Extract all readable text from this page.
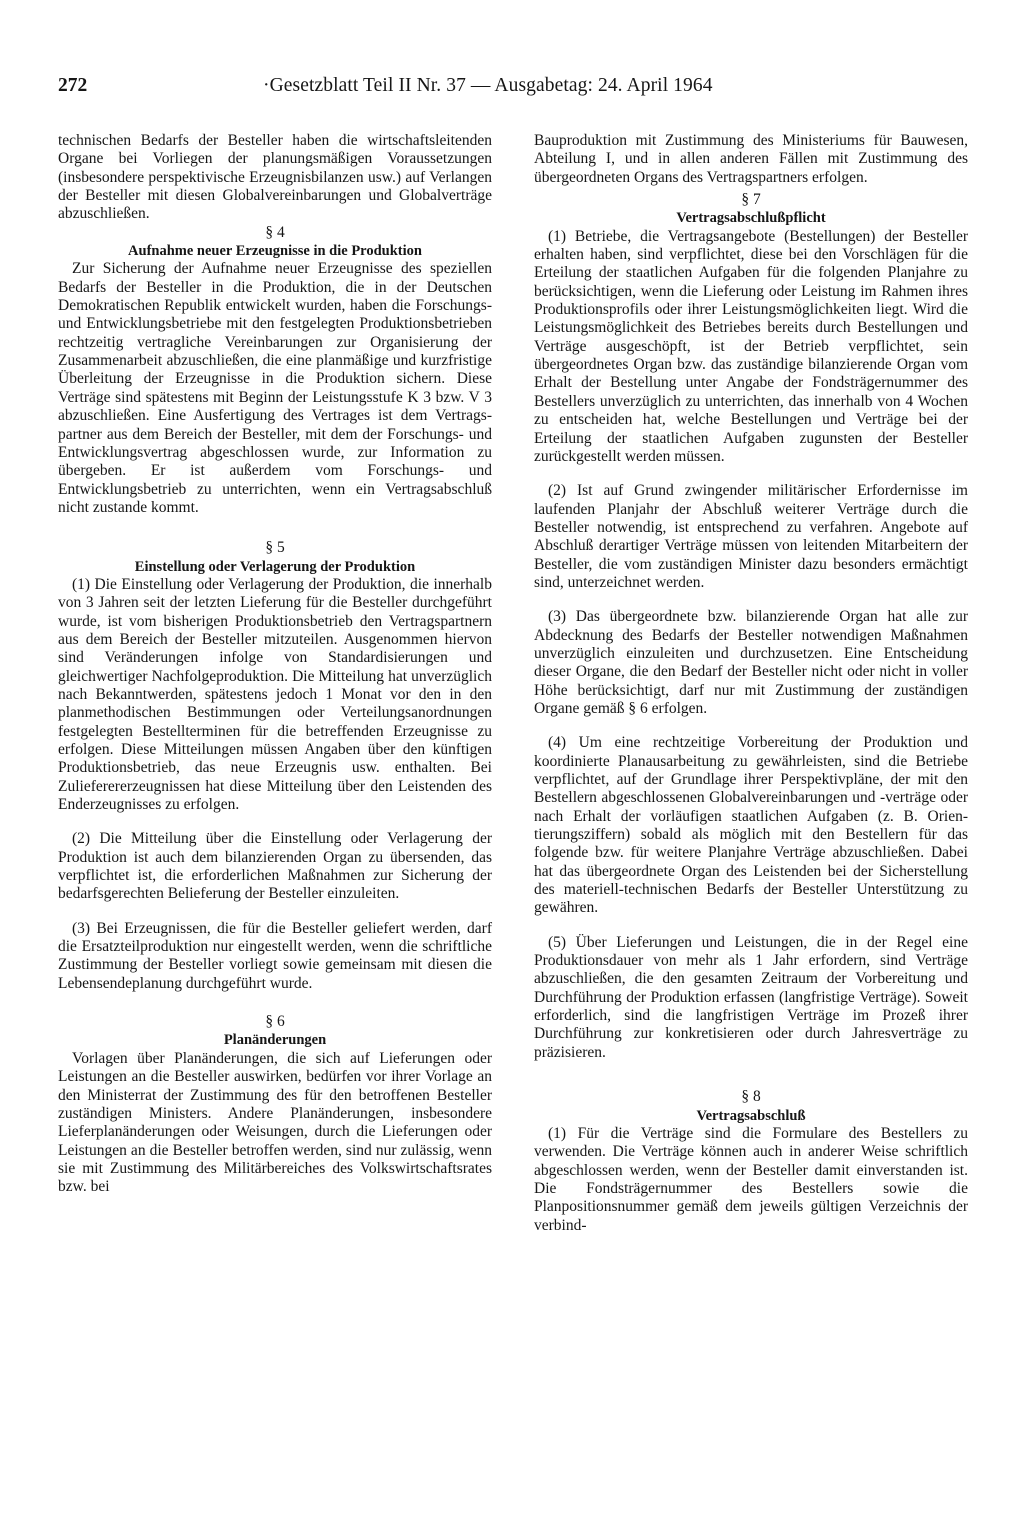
272	·Gesetzblatt Teil II Nr. 37 — Ausgabetag: 24. April 1964

technischen Bedarfs der Besteller haben die wirtschaftsleitenden Organe bei Vorliegen der planungsmäßigen Voraussetzungen (insbesondere perspektivische Erzeugnisbilanzen usw.) auf Verlangen der Besteller mit diesen Globalvereinbarungen und Globalverträge abzuschließen.

§ 4

Aufnahme neuer Erzeugnisse in die Produktion

Zur Sicherung der Aufnahme neuer Erzeugnisse des speziellen Bedarfs der Besteller in die Produktion, die in der Deutschen Demokratischen Republik entwickelt wurden, haben die Forschungs- und Entwicklungsbetriebe mit den festgelegten Produktionsbetrieben rechtzeitig vertragliche Vereinbarungen zur Organisierung der Zusammenarbeit abzuschließen, die eine planmäßige und kurzfristige Überleitung der Erzeugnisse in die Produktion sichern. Diese Verträge sind spätestens mit Beginn der Leistungsstufe K 3 bzw. V 3 abzuschließen. Eine Ausfertigung des Vertrages ist dem Vertragspartner aus dem Bereich der Besteller, mit dem der Forschungs- und Entwicklungsvertrag abgeschlossen wurde, zur Information zu übergeben. Er ist außerdem vom Forschungs- und Entwicklungsbetrieb zu unterrichten, wenn ein Vertragsabschluß nicht zustande kommt.

§ 5

Einstellung oder Verlagerung der Produktion

(1) Die Einstellung oder Verlagerung der Produktion, die innerhalb von 3 Jahren seit der letzten Lieferung für die Besteller durchgeführt wurde, ist vom bisherigen Produktionsbetrieb den Vertragspartnern aus dem Bereich der Besteller mitzuteilen. Ausgenommen hiervon sind Veränderungen infolge von Standardisierungen und gleichwertiger Nachfolgeproduktion. Die Mitteilung hat unverzüglich nach Bekanntwerden, spätestens jedoch 1 Monat vor den in den planmethodischen Bestimmungen oder Verteilungsanordnungen festgelegten Bestellterminen für die betreffenden Erzeugnisse zu erfolgen. Diese Mitteilungen müssen Angaben über den künftigen Produktionsbetrieb, das neue Erzeugnis usw. enthalten. Bei Zulieferererzeugnissen hat diese Mitteilung über den Leistenden des Enderzeugnisses zu erfolgen.

(2) Die Mitteilung über die Einstellung oder Verlagerung der Produktion ist auch dem bilanzierenden Organ zu übersenden, das verpflichtet ist, die erforderlichen Maßnahmen zur Sicherung der bedarfsgerechten Belieferung der Besteller einzuleiten.

(3) Bei Erzeugnissen, die für die Besteller geliefert werden, darf die Ersatzteilproduktion nur eingestellt werden, wenn die schriftliche Zustimmung der Besteller vorliegt sowie gemeinsam mit diesen die Lebensendeplanung durchgeführt wurde.

§ 6

Planänderungen

Vorlagen über Planänderungen, die sich auf Lieferungen oder Leistungen an die Besteller auswirken, bedürfen vor ihrer Vorlage an den Ministerrat der Zustimmung des für den betroffenen Besteller zuständigen Ministers. Andere Planänderungen, insbesondere Lieferplanänderungen oder Weisungen, durch die Lieferungen oder Leistungen an die Besteller betroffen werden, sind nur zulässig, wenn sie mit Zustimmung des Militärbereiches des Volkswirtschaftsrates bzw. bei

Bauproduktion mit Zustimmung des Ministeriums für Bauwesen, Abteilung I, und in allen anderen Fällen mit Zustimmung des übergeordneten Organs des Vertragspartners erfolgen.

§ 7

Vertragsabschlußpflicht

(1) Betriebe, die Vertragsangebote (Bestellungen) der Besteller erhalten haben, sind verpflichtet, diese bei den Vorschlägen für die Erteilung der staatlichen Aufgaben für die folgenden Planjahre zu berücksichtigen, wenn die Lieferung oder Leistung im Rahmen ihres Produktionsprofils oder ihrer Leistungsmöglichkeiten liegt. Wird die Leistungsmöglichkeit des Betriebes bereits durch Bestellungen und Verträge ausgeschöpft, ist der Betrieb verpflichtet, sein übergeordnetes Organ bzw. das zuständige bilanzierende Organ vom Erhalt der Bestellung unter Angabe der Fondsträgernummer des Bestellers unverzüglich zu unterrichten, das innerhalb von 4 Wochen zu entscheiden hat, welche Bestellungen und Verträge bei der Erteilung der staatlichen Aufgaben zugunsten der Besteller zurückgestellt werden müssen.

(2) Ist auf Grund zwingender militärischer Erfordernisse im laufenden Planjahr der Abschluß weiterer Verträge durch die Besteller notwendig, ist entsprechend zu verfahren. Angebote auf Abschluß derartiger Verträge müssen von leitenden Mitarbeitern der Besteller, die vom zuständigen Minister dazu besonders ermächtigt sind, unterzeichnet werden.

(3) Das übergeordnete bzw. bilanzierende Organ hat alle zur Abdecknung des Bedarfs der Besteller notwendigen Maßnahmen unverzüglich einzuleiten und durchzusetzen. Eine Entscheidung dieser Organe, die den Bedarf der Besteller nicht oder nicht in voller Höhe berücksichtigt, darf nur mit Zustimmung der zuständigen Organe gemäß § 6 erfolgen.

(4) Um eine rechtzeitige Vorbereitung der Produktion und koordinierte Planausarbeitung zu gewährleisten, sind die Betriebe verpflichtet, auf der Grundlage ihrer Perspektivpläne, der mit den Bestellern abgeschlossenen Globalvereinbarungen und -verträge oder nach Erhalt der vorläufigen staatlichen Aufgaben (z. B. Orientierungsziffern) sobald als möglich mit den Bestellern für das folgende bzw. für weitere Planjahre Verträge abzuschließen. Dabei hat das übergeordnete Organ des Leistenden bei der Sicherstellung des materiell-technischen Bedarfs der Besteller Unterstützung zu gewähren.

(5) Über Lieferungen und Leistungen, die in der Regel eine Produktionsdauer von mehr als 1 Jahr erfordern, sind Verträge abzuschließen, die den gesamten Zeitraum der Vorbereitung und Durchführung der Produktion erfassen (langfristige Verträge). Soweit erforderlich, sind die langfristigen Verträge im Prozeß ihrer Durchführung zur konkretisieren oder durch Jahresverträge zu präzisieren.

§ 8

Vertragsabschluß

(1) Für die Verträge sind die Formulare des Bestellers zu verwenden. Die Verträge können auch in anderer Weise schriftlich abgeschlossen werden, wenn der Besteller damit einverstanden ist. Die Fondsträgernummer des Bestellers sowie die Planpositionsnummer gemäß dem jeweils gültigen Verzeichnis der verbind-
